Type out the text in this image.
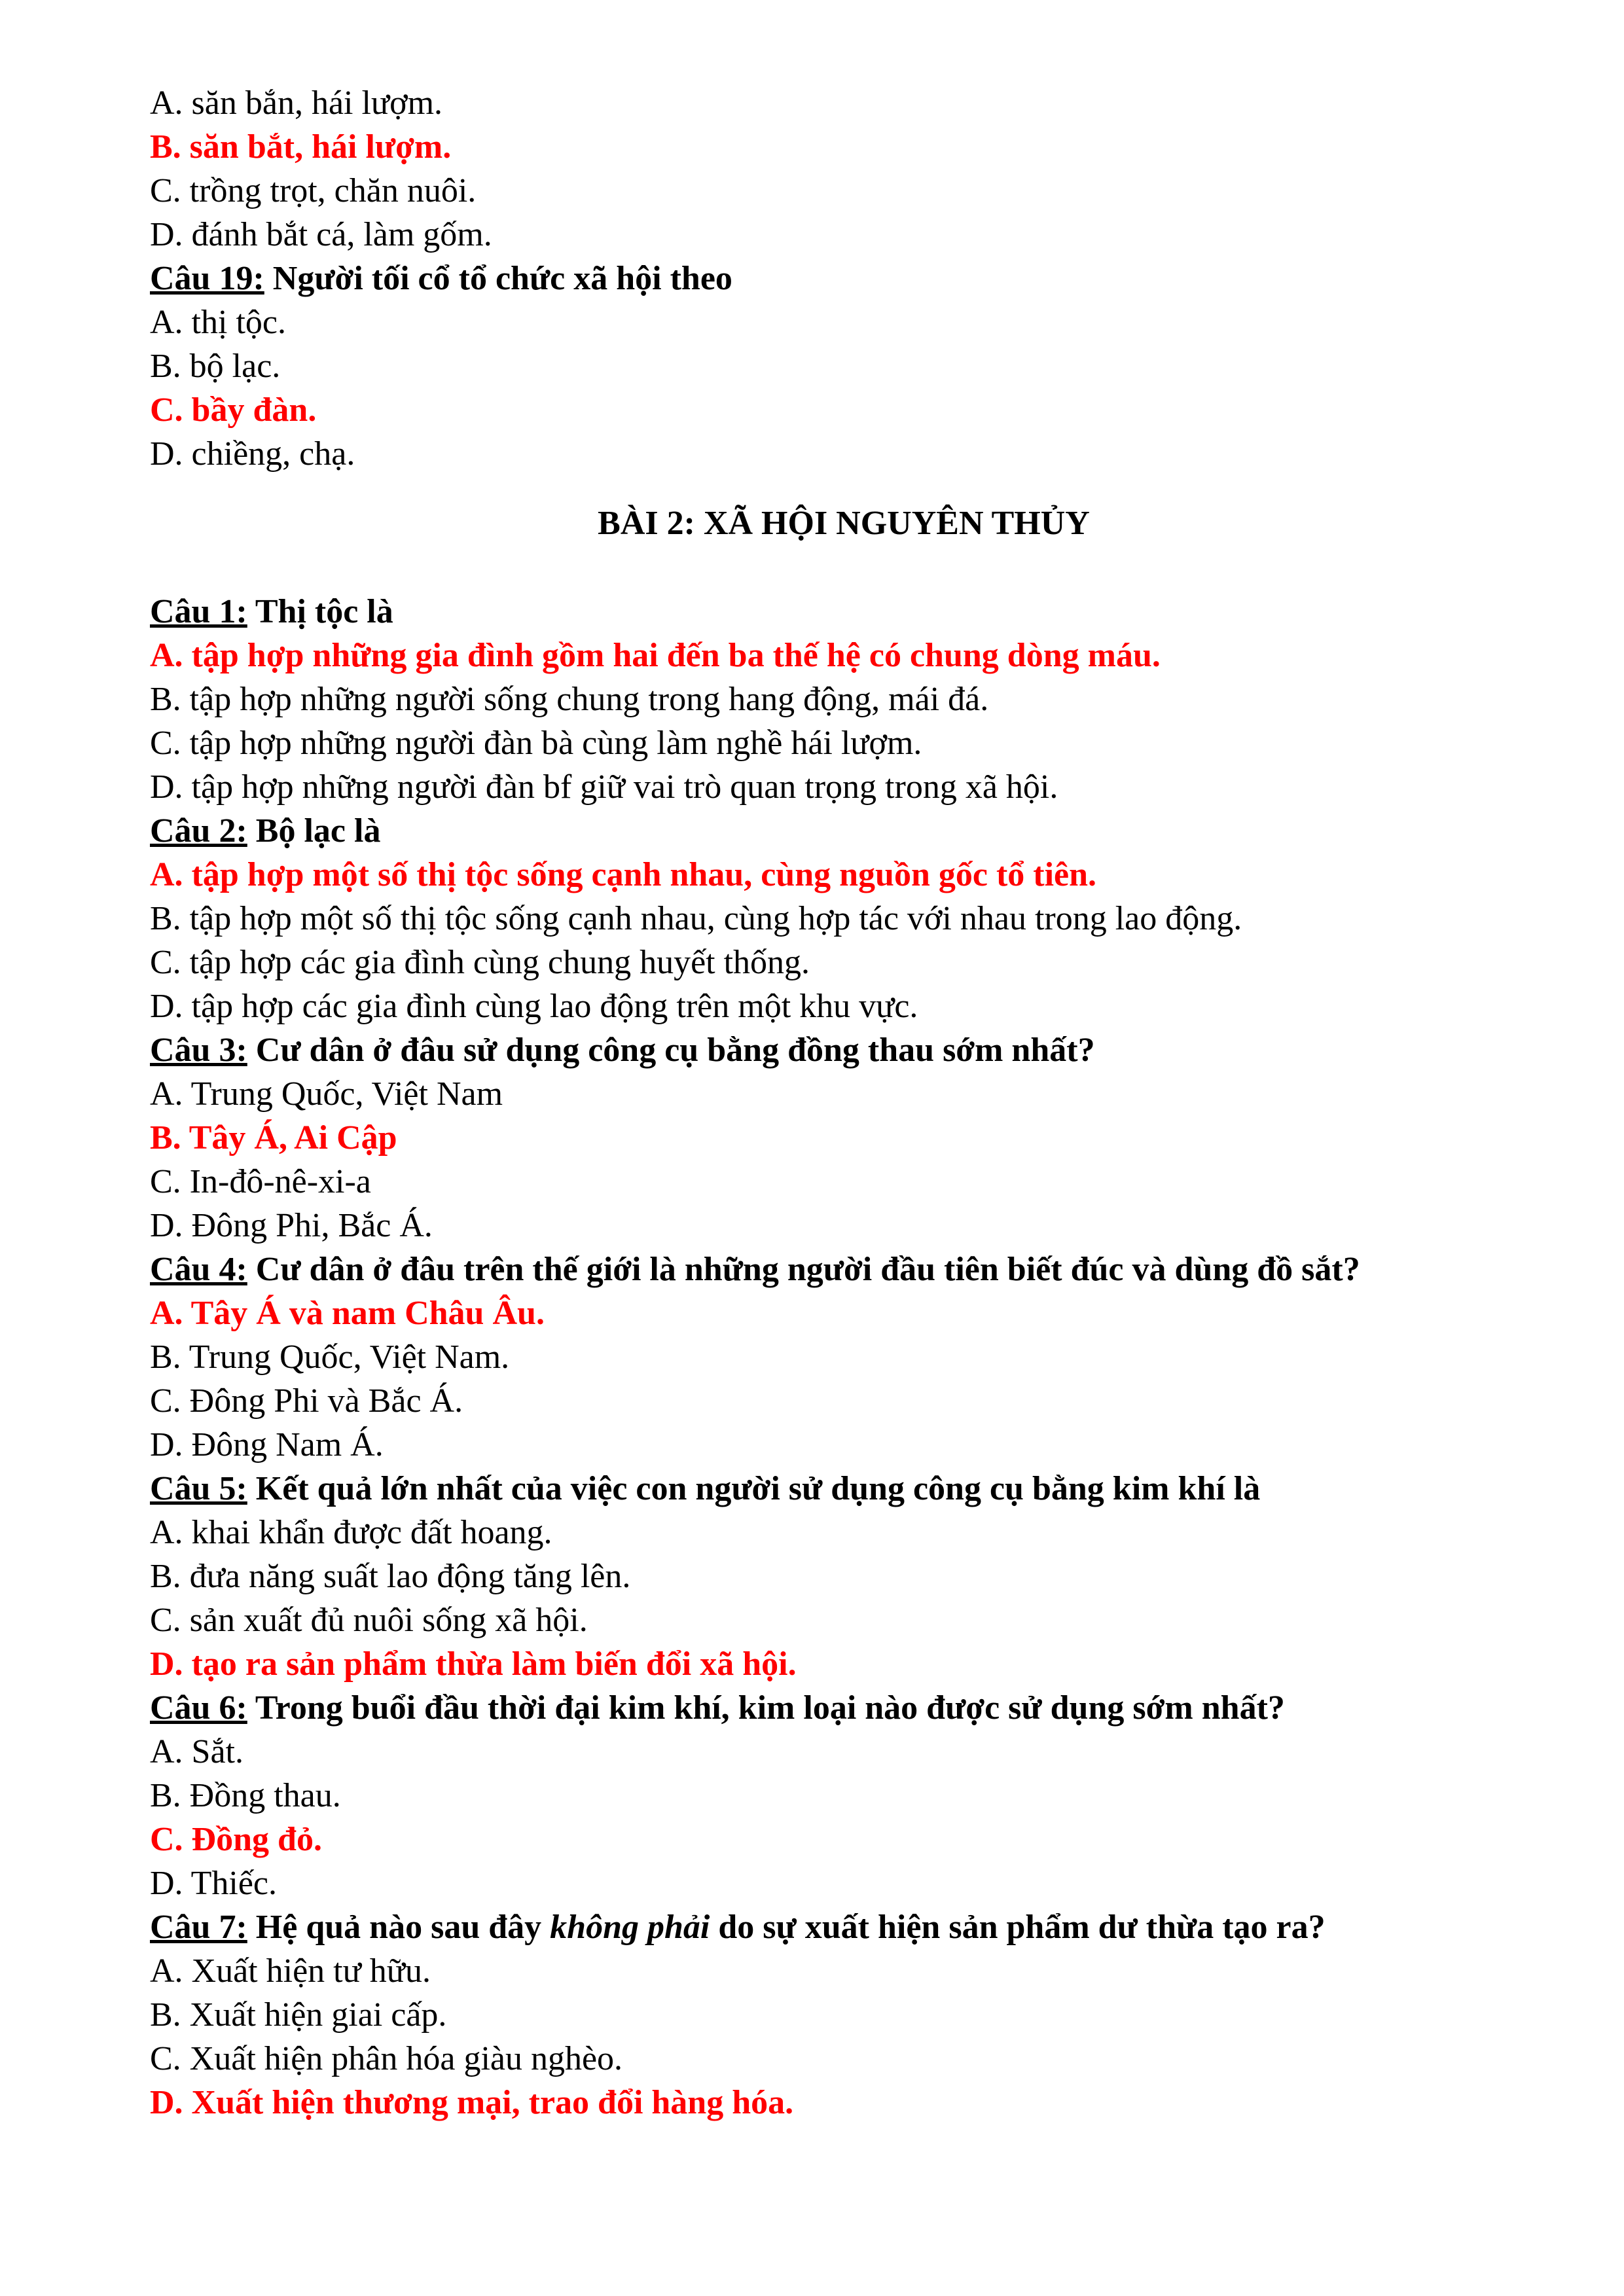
A. săn bắn, hái lượm.
B. săn bắt, hái lượm.
C. trồng trọt, chăn nuôi.
D. đánh bắt cá, làm gốm.
Câu 19: Người tối cổ tổ chức xã hội theo
A. thị tộc.
B. bộ lạc.
C. bầy đàn.
D. chiềng, chạ.
BÀI 2: XÃ HỘI NGUYÊN THỦY
Câu 1: Thị tộc là
A. tập hợp những gia đình gồm hai đến ba thế hệ có chung dòng máu.
B. tập hợp những người sống chung trong hang động, mái đá.
C. tập hợp những người đàn bà cùng làm nghề hái lượm.
D. tập hợp những người đàn bf giữ vai trò quan trọng trong xã hội.
Câu 2: Bộ lạc là
A. tập hợp một số thị tộc sống cạnh nhau, cùng nguồn gốc tổ tiên.
B. tập hợp một số thị tộc sống cạnh nhau, cùng hợp tác với nhau trong lao động.
C. tập hợp các gia đình cùng chung huyết thống.
D. tập hợp các gia đình cùng lao động trên một khu vực.
Câu 3: Cư dân ở đâu sử dụng công cụ bằng đồng thau sớm nhất?
A. Trung Quốc, Việt Nam
B. Tây Á, Ai Cập
C. In-đô-nê-xi-a
D. Đông Phi, Bắc Á.
Câu 4: Cư dân ở đâu trên thế giới là những người đầu tiên biết đúc và dùng đồ sắt?
A. Tây Á và nam Châu Âu.
B. Trung Quốc, Việt Nam.
C. Đông Phi và Bắc Á.
D. Đông Nam Á.
Câu 5: Kết quả lớn nhất của việc con người sử dụng công cụ bằng kim khí là
A. khai khẩn được đất hoang.
B. đưa năng suất lao động tăng lên.
C. sản xuất đủ nuôi sống xã hội.
D. tạo ra sản phẩm thừa làm biến đổi xã hội.
Câu 6: Trong buổi đầu thời đại kim khí, kim loại nào được sử dụng sớm nhất?
A. Sắt.
B. Đồng thau.
C. Đồng đỏ.
D. Thiếc.
Câu 7: Hệ quả nào sau đây không phải do sự xuất hiện sản phẩm dư thừa tạo ra?
A. Xuất hiện tư hữu.
B. Xuất hiện giai cấp.
C. Xuất hiện phân hóa giàu nghèo.
D. Xuất hiện thương mại, trao đổi hàng hóa.
